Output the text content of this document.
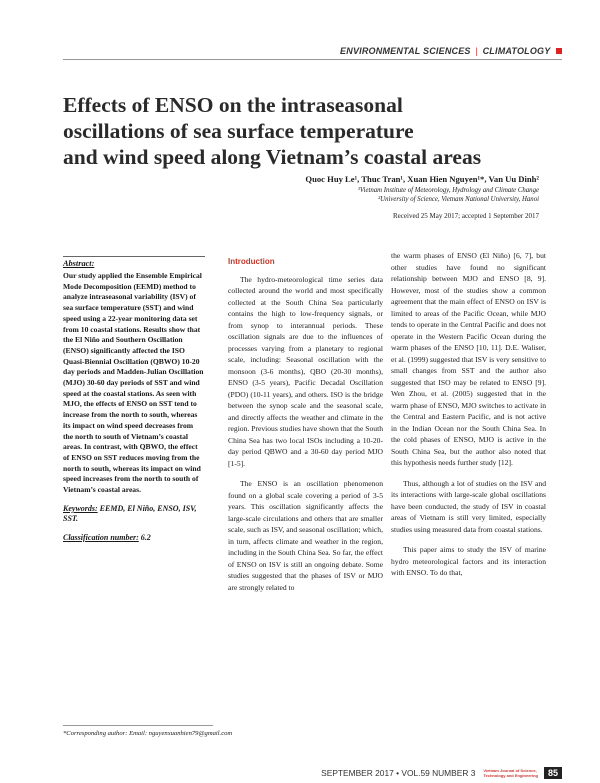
ENVIRONMENTAL SCIENCES | CLIMATOLOGY
Effects of ENSO on the intraseasonal
oscillations of sea surface temperature
and wind speed along Vietnam’s coastal areas
Quoc Huy Le¹, Thuc Tran¹, Xuan Hien Nguyen¹*, Van Uu Dinh²
¹Vietnam Institute of Meteorology, Hydrology and Climate Change
²University of Science, Vietnam National University, Hanoi
Received 25 May 2017; accepted 1 September 2017
Abstract:
Our study applied the Ensemble Empirical Mode Decomposition (EEMD) method to analyze intraseasonal variability (ISV) of sea surface temperature (SST) and wind speed using a 22-year monitoring data set from 10 coastal stations. Results show that the El Niño and Southern Oscillation (ENSO) significantly affected the ISO Quasi-Biennial Oscillation (QBWO) 10-20 day periods and Madden-Julian Oscillation (MJO) 30-60 day periods of SST and wind speed at the coastal stations. As seen with MJO, the effects of ENSO on SST tend to increase from the north to south, whereas its impact on wind speed decreases from the north to south of Vietnam’s coastal areas. In contrast, with QBWO, the effect of ENSO on SST reduces moving from the north to south, whereas its impact on wind speed increases from the north to south of Vietnam’s coastal areas.
Keywords: EEMD, El Niño, ENSO, ISV, SST.
Classification number: 6.2
Introduction

The hydro-meteorological time series data collected around the world and most specifically collected at the South China Sea particularly contains the high to low-frequency signals, or from synop to interannual periods. These oscillation signals are due to the influences of processes varying from a planetary to regional scale, including: Seasonal oscillation with the monsoon (3-6 months), QBO (20-30 months), ENSO (3-5 years), Pacific Decadal Oscillation (PDO) (10-11 years), and others. ISO is the bridge between the synop scale and the seasonal scale, and directly affects the weather and climate in the region. Previous studies have shown that the South China Sea has two local ISOs including a 10-20-day period QBWO and a 30-60 day period MJO [1-5].

The ENSO is an oscillation phenomenon found on a global scale covering a period of 3-5 years. This oscillation significantly affects the large-scale circulations and others that are smaller scale, such as ISV, and seasonal oscillation; which, in turn, affects climate and weather in the region, including in the South China Sea. So far, the effect of ENSO on ISV is still an ongoing debate. Some studies suggested that the phases of ISV or MJO are strongly related to

the warm phases of ENSO (El Niño) [6, 7], but other studies have found no significant relationship between MJO and ENSO [8, 9]. However, most of the studies show a common agreement that the main effect of ENSO on ISV is limited to areas of the Pacific Ocean, while MJO tends to operate in the Central Pacific and does not operate in the Western Pacific Ocean during the warm phases of the ENSO [10, 11]. D.E. Waliser, et al. (1999) suggested that ISV is very sensitive to small changes from SST and the author also suggested that ISO may be related to ENSO [9]. Wen Zhou, et al. (2005) suggested that in the warm phase of ENSO, MJO switches to activate in the Central and Eastern Pacific, and is not active in the Indian Ocean nor the South China Sea. In the cold phases of ENSO, MJO is active in the South China Sea, but the author also noted that this hypothesis needs further study [12].

Thus, although a lot of studies on the ISV and its interactions with large-scale global oscillations have been conducted, the study of ISV in coastal areas of Vietnam is still very limited, especially studies using measured data from coastal stations.

This paper aims to study the ISV of marine hydro meteorological factors and its interaction with ENSO. To do that,

*Corresponding author: Email: nguyenxuanhien79@gmail.com
SEPTEMBER 2017 • VOL.59 NUMBER 3 Vietnam Journal of Science,
Technology and Engineering	85
